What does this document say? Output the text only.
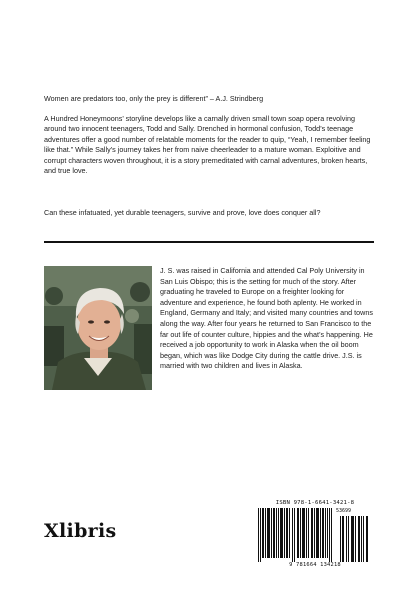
Women are predators too, only the prey is different” – A.J. Strindberg
A Hundred Honeymoons’ storyline develops like a carnally driven small town soap opera revolving around two innocent teenagers, Todd and Sally. Drenched in hormonal confusion, Todd’s teenage adventures offer a good number of relatable moments for the reader to quip, “Yeah, I remember feeling like that.” While Sally’s journey takes her from naive cheerleader to a mature woman. Exploitive and corrupt characters woven throughout, it is a story premeditated with carnal adventures, broken hearts, and true love.
Can these infatuated, yet durable teenagers, survive and prove, love does conquer all?
J. S. was raised in California and attended Cal Poly University in San Luis Obispo; this is the setting for much of the story. After graduating he traveled to Europe on a freighter looking for adventure and experience, he found both aplenty. He worked in England, Germany and Italy; and visited many countries and towns along the way. After four years he returned to San Francisco to the far out life of counter culture, hippies and the what’s happening. He received a job opportunity to work in Alaska when the oil boom began, which was like Dodge City during the cattle drive. J.S. is married with two children and lives in Alaska.
Xlibris
ISBN 978-1-6641-3421-8
53699
9 781664 134218
